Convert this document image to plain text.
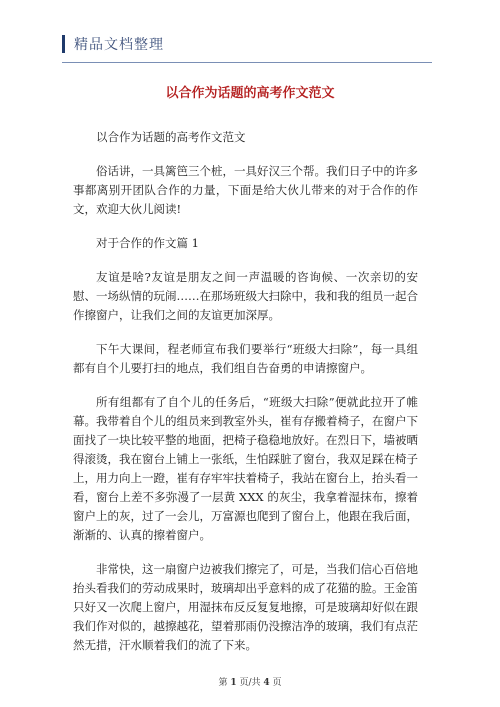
精品文档整理
以合作为话题的高考作文范文

以合作为话题的高考作文范文

俗话讲，一具篱笆三个桩，一具好汉三个帮。我们日子中的许多事都离别开团队合作的力量，下面是给大伙儿带来的对于合作的作文，欢迎大伙儿阅读!

对于合作的作文篇 1

友谊是啥?友谊是朋友之间一声温暖的咨询候、一次亲切的安慰、一场纵情的玩闹……在那场班级大扫除中，我和我的组员一起合作擦窗户，让我们之间的友谊更加深厚。

下午大课间，程老师宣布我们要举行“班级大扫除”，每一具组都有自个儿要打扫的地点，我们组自告奋勇的申请擦窗户。

所有组都有了自个儿的任务后，“班级大扫除”便就此拉开了帷幕。我带着自个儿的组员来到教室外头，崔有存搬着椅子，在窗户下面找了一块比较平整的地面，把椅子稳稳地放好。在烈日下，墙被晒得滚烫，我在窗台上铺上一张纸，生怕踩脏了窗台，我双足踩在椅子上，用力向上一蹬，崔有存牢牢扶着椅子，我站在窗台上，抬头看一看，窗台上差不多弥漫了一层黄 XXX 的灰尘，我拿着湿抹布，擦着窗户上的灰，过了一会儿，万富源也爬到了窗台上，他跟在我后面，渐渐的、认真的擦着窗户。

非常快，这一扇窗户边被我们擦完了，可是，当我们信心百倍地抬头看我们的劳动成果时，玻璃却出乎意料的成了花猫的脸。王金笛只好又一次爬上窗户，用湿抹布反反复复地擦，可是玻璃却好似在跟我们作对似的，越擦越花，望着那雨仍没擦洁净的玻璃，我们有点茫然无措，汗水顺着我们的流了下来。

第 1 页/共 4 页
